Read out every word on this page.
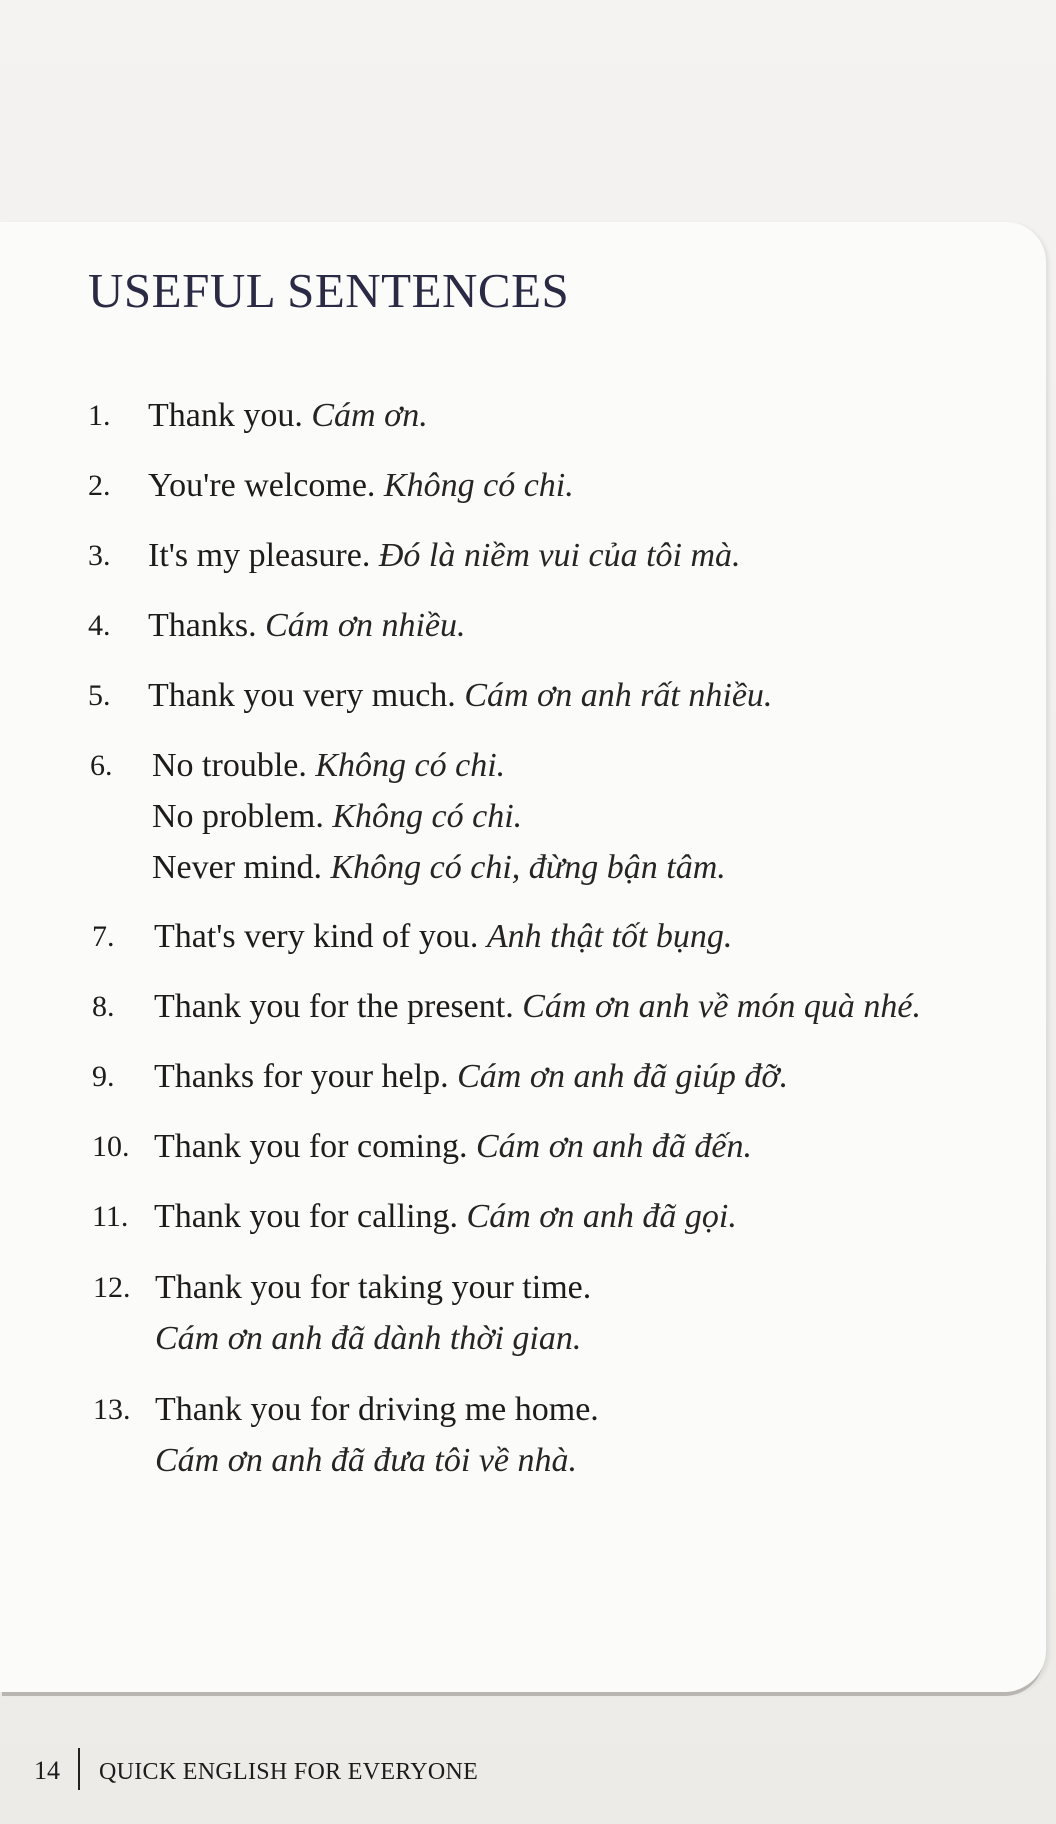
USEFUL SENTENCES
1. Thank you. Cám ơn.
2. You're welcome. Không có chi.
3. It's my pleasure. Đó là niềm vui của tôi mà.
4. Thanks. Cám ơn nhiều.
5. Thank you very much. Cám ơn anh rất nhiều.
6. No trouble. Không có chi.
No problem. Không có chi.
Never mind. Không có chi, đừng bận tâm.
7. That's very kind of you. Anh thật tốt bụng.
8. Thank you for the present. Cám ơn anh về món quà nhé.
9. Thanks for your help. Cám ơn anh đã giúp đỡ.
10. Thank you for coming. Cám ơn anh đã đến.
11. Thank you for calling. Cám ơn anh đã gọi.
12. Thank you for taking your time.
Cám ơn anh đã dành thời gian.
13. Thank you for driving me home.
Cám ơn anh đã đưa tôi về nhà.
14 QUICK ENGLISH FOR EVERYONE
